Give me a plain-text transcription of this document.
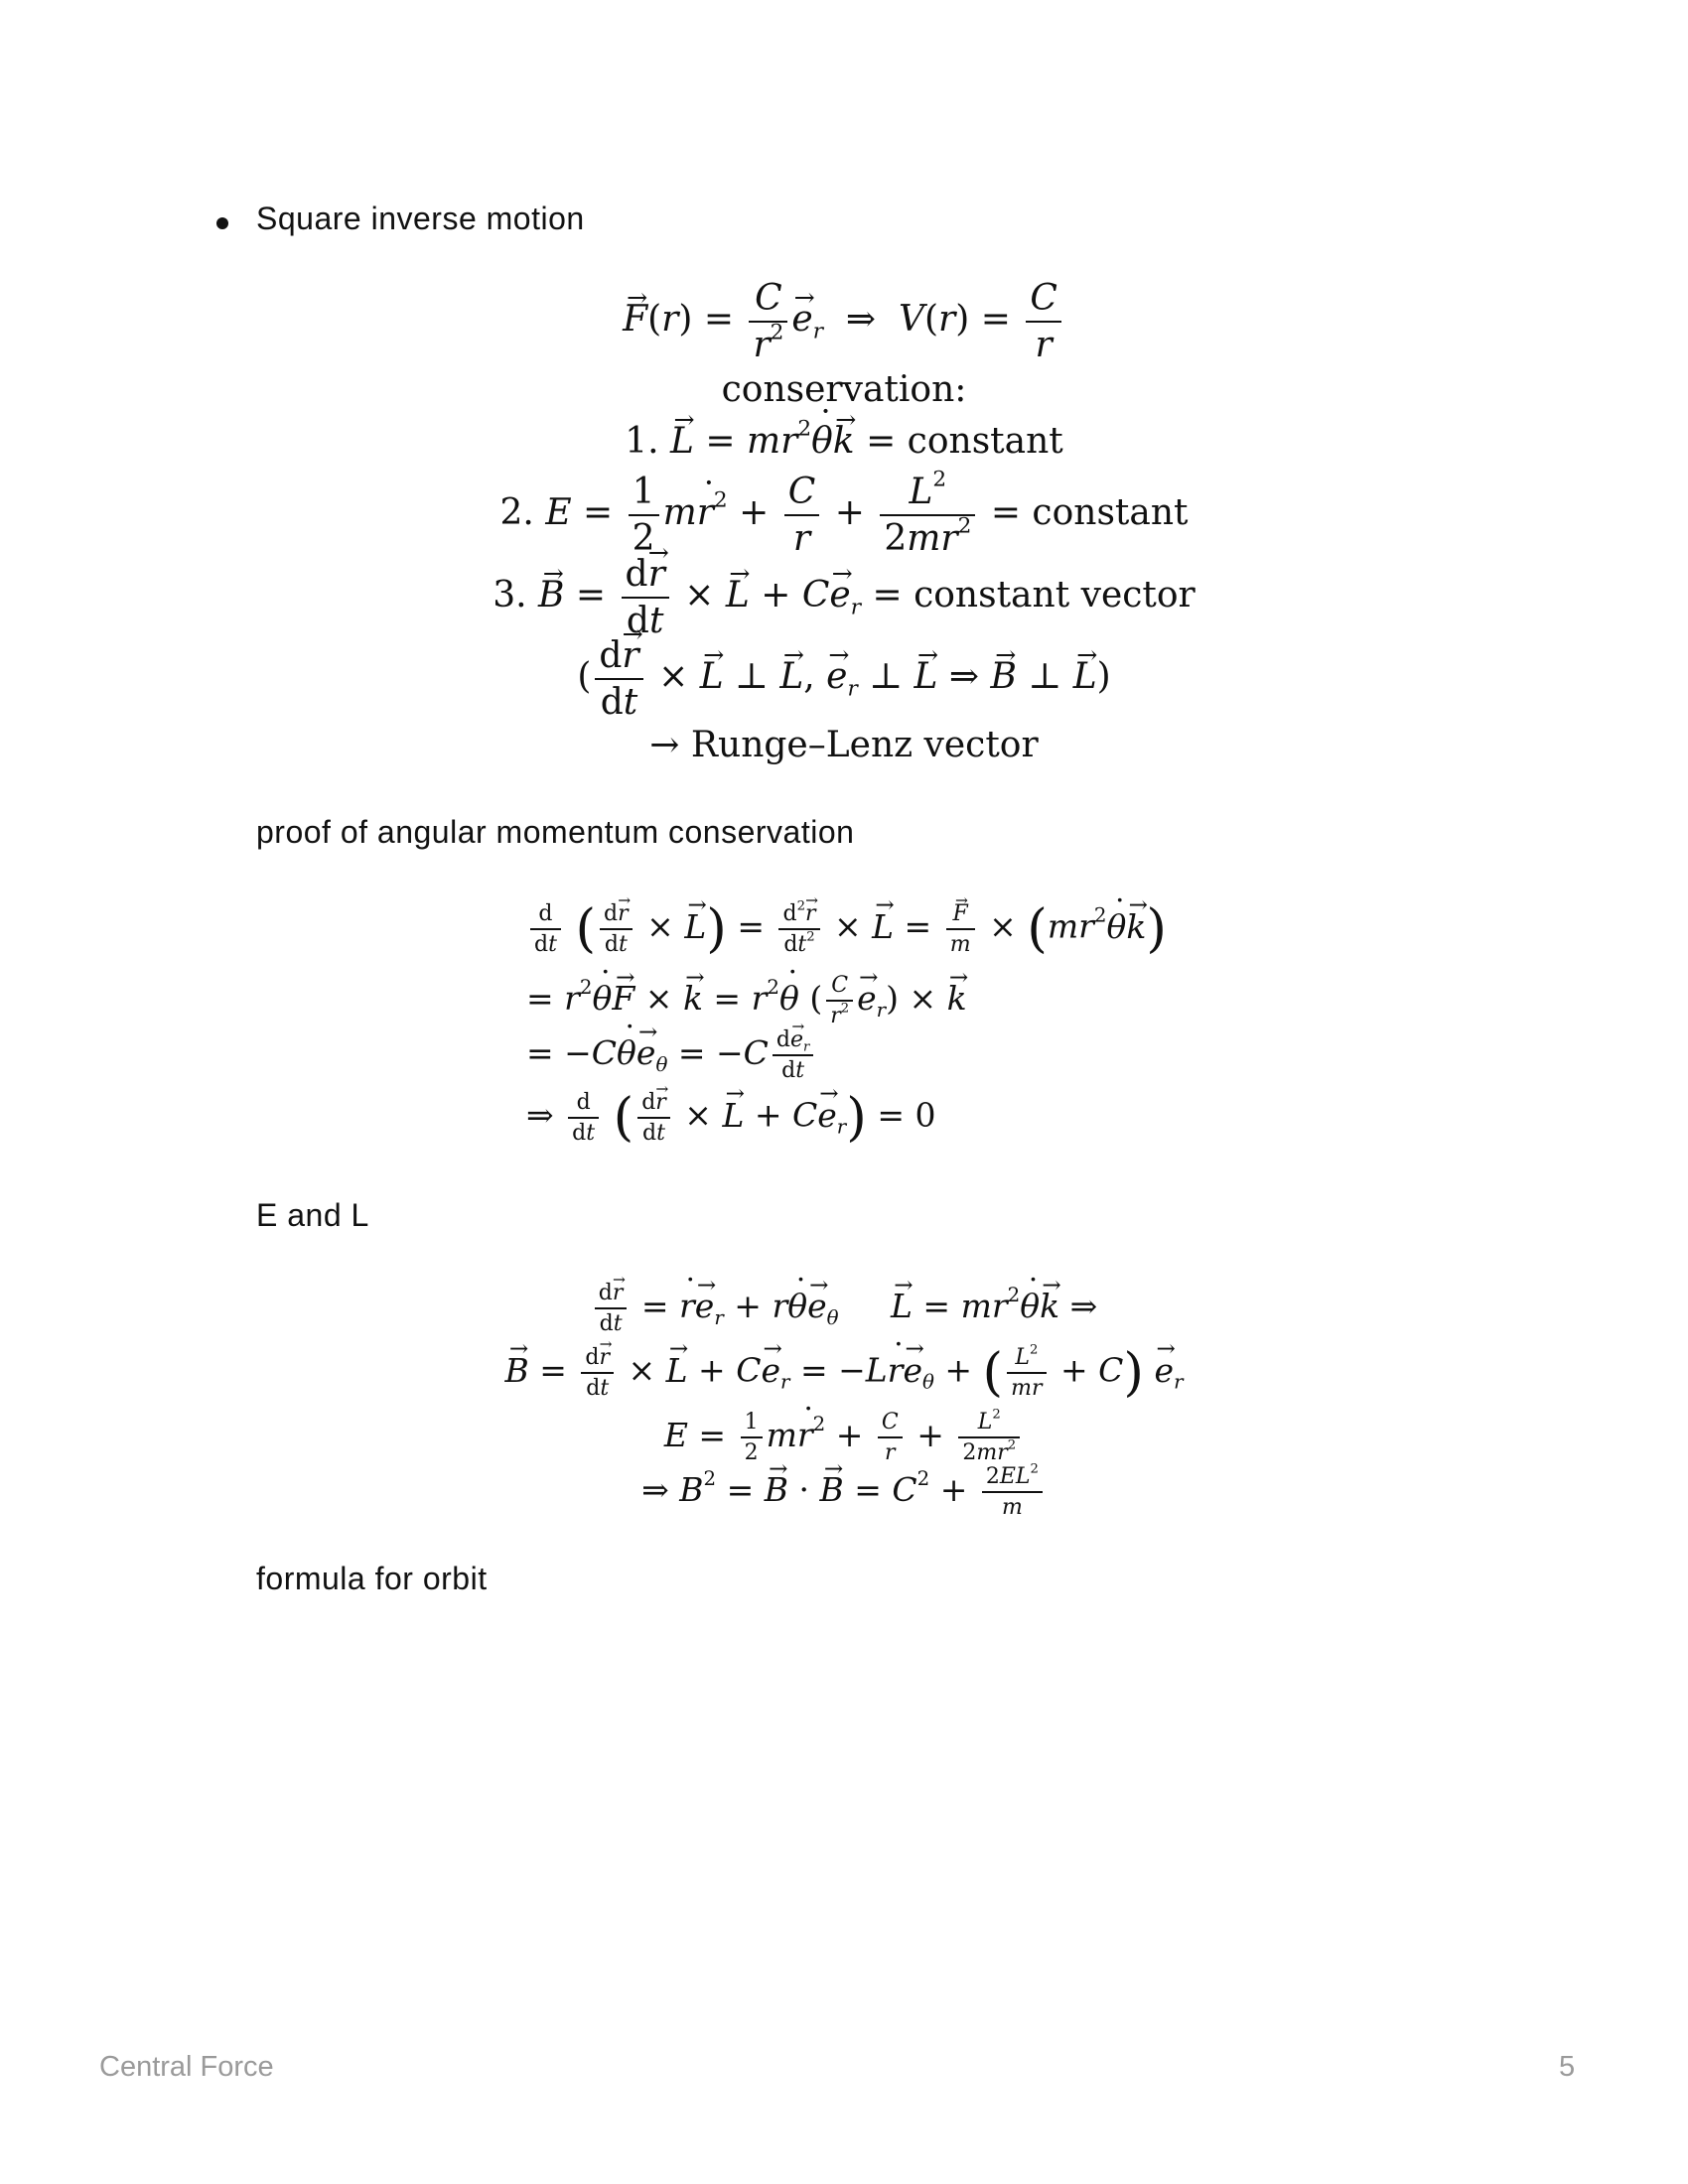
Square inverse motion
$F \to(r) = \frac{C}{r^2}$ $e \to_r$  ⇒  $V(r) = \frac{C}{r}$
conservation:
1. L → = $mr^2\theta$ ˙k → = constant
2. $E = \frac{1}{2}$ mr ˙$^2$ + $\frac{C}{r} + \frac{L^2}{2mr^2}$ = constant
3. B → = $\frac{dr \to}{dt} \times L$ → + $Ce \to_r$ = constant vector
( $\frac{dr \to}{dt} \times L$ → ⊥ L →, $e \to_r$ ⊥ L → ⇒ B → ⊥ L →)
→ Runge–Lenz vector
proof of angular momentum conservation
$\frac{d}{dt}$ ( $\frac{dr \to}{dt} \times L$ →) = $\frac{d^2r \to}{dt^2} \times L$ → = $\frac{F \to}{m} \times (mr^2\theta$ ˙k →)
= $r^2\theta$ ˙F → × k → = $r^2\theta$ ˙ ( $\frac{C}{r^2}$ $e \to_r) \times k$ →
= −Cθ ˙e $\to_\theta = -C \frac{de \to_r}{dt}$
⇒ $\frac{d}{dt}$ ( $\frac{dr \to}{dt} \times L$ → + $Ce \to_r) = 0$
E and L
$\frac{dr \to}{dt} = r$ ˙e $\to_r + r\theta$ ˙e $\to_\theta$ L → = $mr^2\theta$ ˙k → ⇒
B → = $\frac{dr \to}{dt} \times L$ → + $Ce \to_r = -Lr$ ˙e $\to_\theta$ + ( $\frac{L^2}{mr} + C$) $e \to_r$
$E = \frac{1}{2}$ mr ˙$^2$ + $\frac{C}{r} + \frac{L^2}{2mr^2}$
⇒ $B^2 = B$ → · B → = $C^2 + \frac{2EL^2}{m}$
formula for orbit
Central Force	5
